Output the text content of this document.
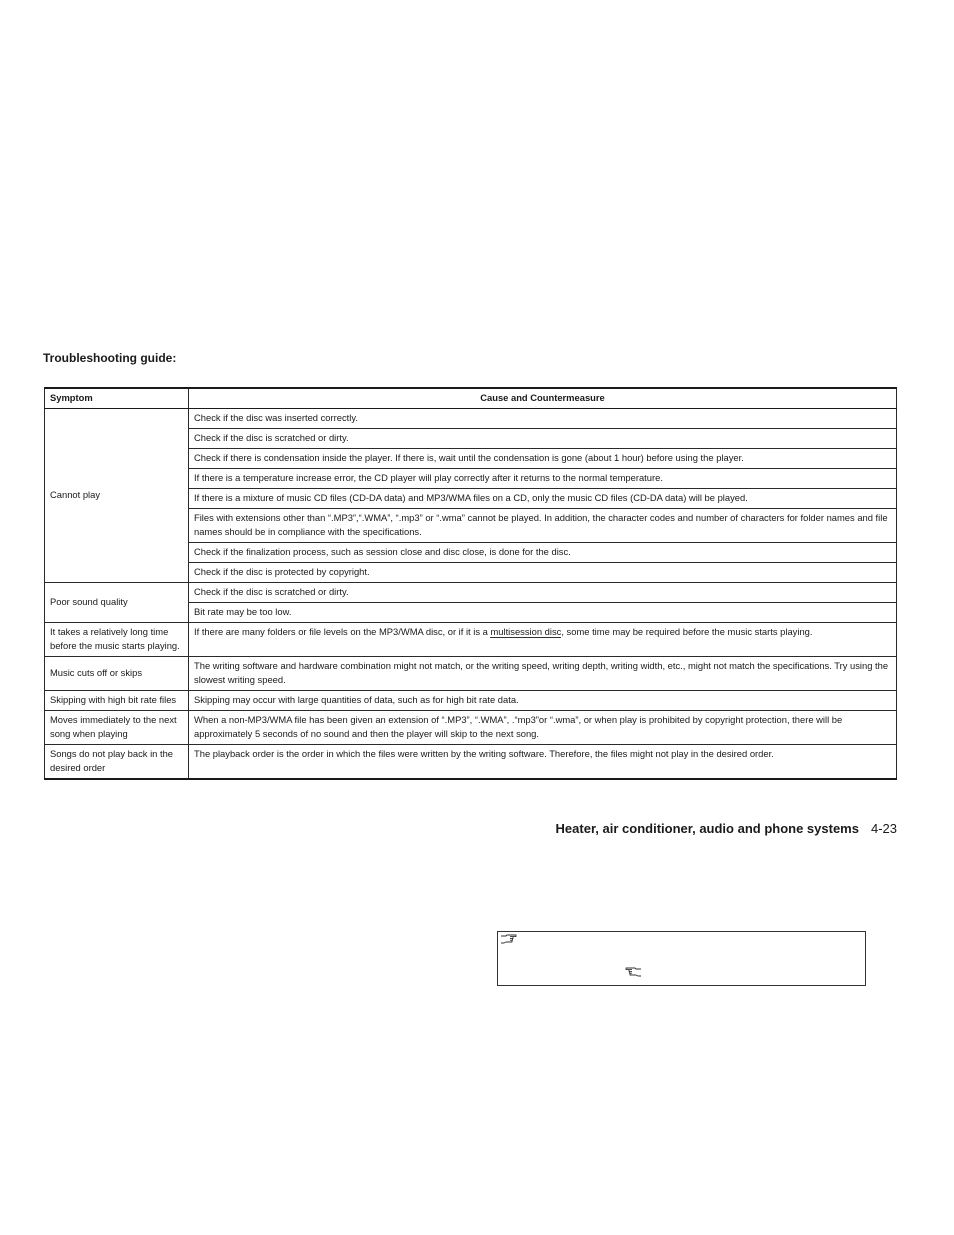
Troubleshooting guide:
Symptom	Cause and Countermeasure
Cannot play	Check if the disc was inserted correctly.
	Check if the disc is scratched or dirty.
	Check if there is condensation inside the player. If there is, wait until the condensation is gone (about 1 hour) before using the player.
	If there is a temperature increase error, the CD player will play correctly after it returns to the normal temperature.
	If there is a mixture of music CD files (CD-DA data) and MP3/WMA files on a CD, only the music CD files (CD-DA data) will be played.
	Files with extensions other than “.MP3”,“.WMA”, “.mp3” or “.wma” cannot be played. In addition, the character codes and number of characters for folder names and file names should be in compliance with the specifications.
	Check if the finalization process, such as session close and disc close, is done for the disc.
	Check if the disc is protected by copyright.
Poor sound quality	Check if the disc is scratched or dirty.
	Bit rate may be too low.
It takes a relatively long time before the music starts playing.	If there are many folders or file levels on the MP3/WMA disc, or if it is a multisession disc, some time may be required before the music starts playing.
Music cuts off or skips	The writing software and hardware combination might not match, or the writing speed, writing depth, writing width, etc., might not match the specifications. Try using the slowest writing speed.
Skipping with high bit rate files	Skipping may occur with large quantities of data, such as for high bit rate data.
Moves immediately to the next song when playing	When a non-MP3/WMA file has been given an extension of “.MP3”, “.WMA”, .“mp3”or “.wma”, or when play is prohibited by copyright protection, there will be approximately 5 seconds of no sound and then the player will skip to the next song.
Songs do not play back in the desired order	The playback order is the order in which the files were written by the writing software. Therefore, the files might not play in the desired order.
Heater, air conditioner, audio and phone systems 4-23
